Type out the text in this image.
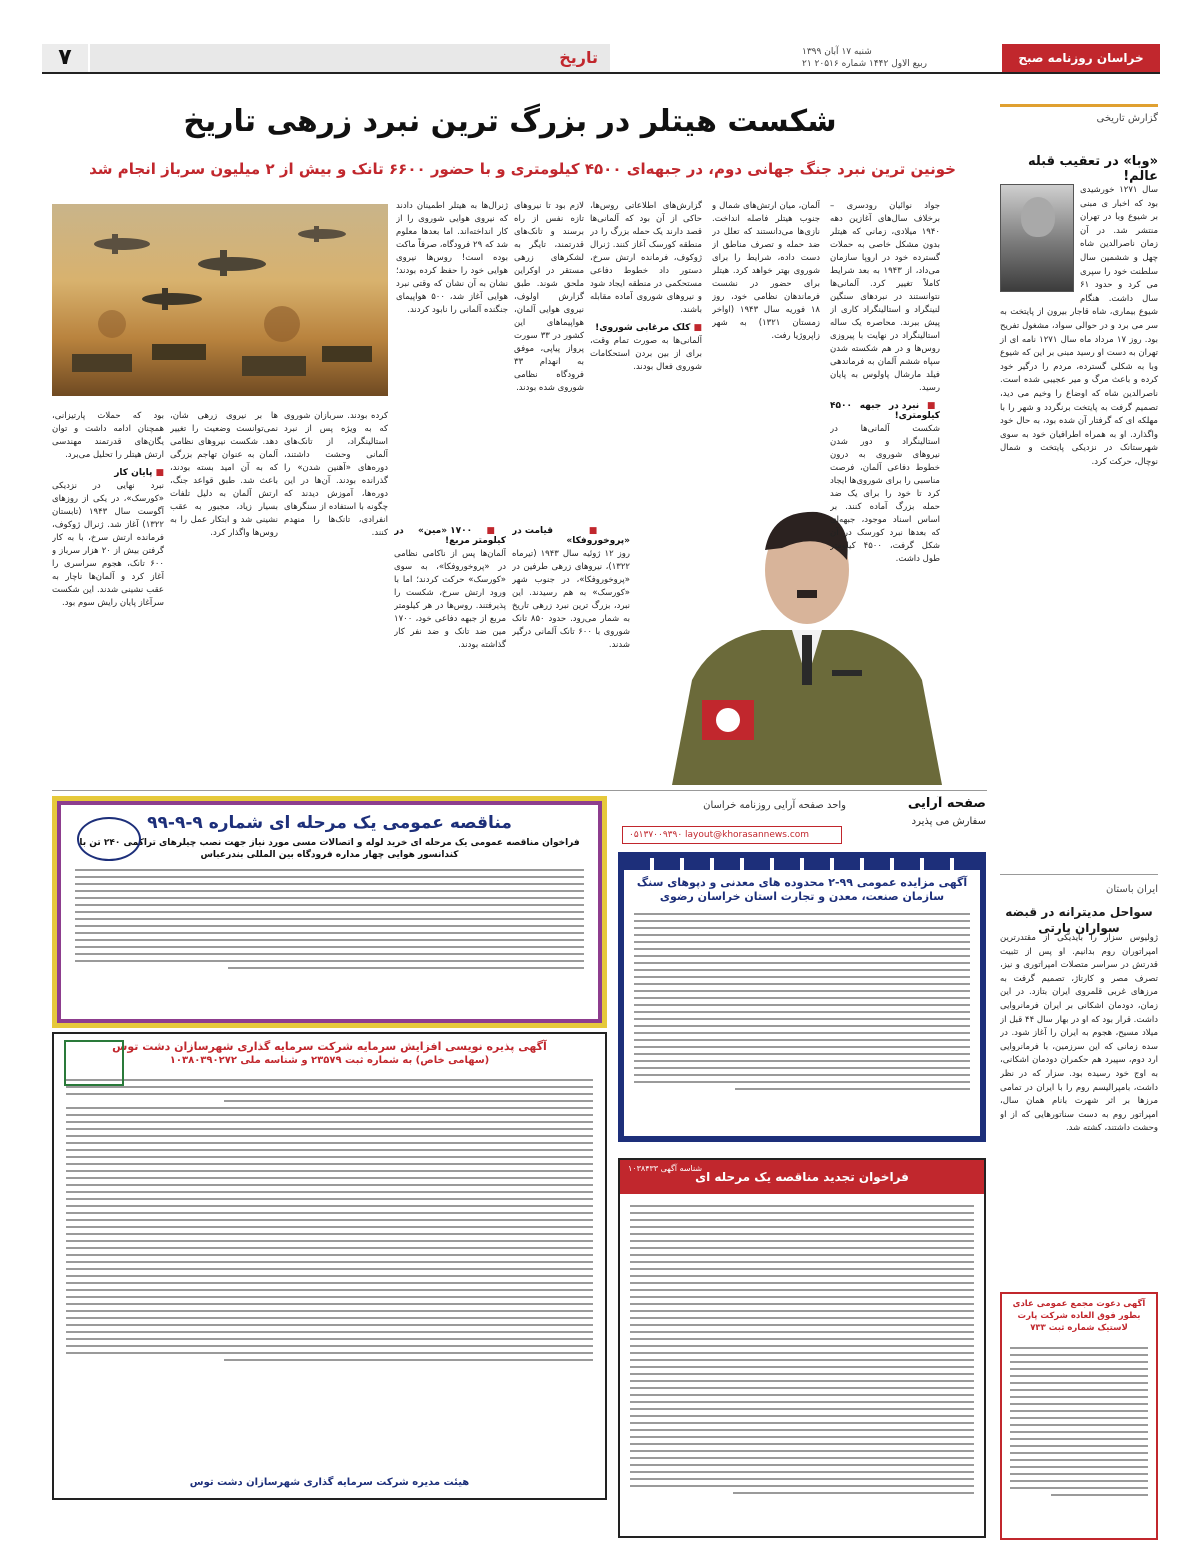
۷	تاریخ	شنبه ۱۷ آبان ۱۳۹۹
۲۱ ربیع الاول ۱۴۴۲ شماره ۲۰۵۱۶	خراسان روزنامه صبح ایران
گزارش تاریخی
«وبا» در تعقیب قبله عالم!
سال ۱۲۷۱ خورشیدی بود که اخبار ی مبنی بر شیوع وبا در تهران منتشر شد. در آن زمان ناصرالدین شاه چهل و ششمین سال سلطنت خود را سپری می کرد و حدود ۶۱ سال داشت. هنگام شیوع بیماری، شاه قاجار بیرون از پایتخت به سر می برد و در حوالی سواد، مشغول تفریح بود. روز ۱۷ مرداد ماه سال ۱۲۷۱ نامه ای از تهران به دست او رسید مبنی بر این که شیوع وبا به شکلی گسترده، مردم را درگیر خود کرده و باعث مرگ و میر عجیبی شده است. ناصرالدین شاه که اوضاع را وخیم می دید، تصمیم گرفت به پایتخت برنگردد و شهر را با مهلکه ای که گرفتار آن شده بود، به حال خود واگذارد. او به همراه اطرافیان خود به سوی شهرستانک در نزدیکی پایتخت و شمال نوچال، حرکت کرد.
ایران باستان
سواحل مدیترانه در قبضه سواران پارتی
ژولیوس سزار را بایدیکی از مقتدرترین امپراتوران روم بدانیم. او پس از تثبیت قدرتش در سراسر متصلات امپراتوری و نیز، تصرف مصر و کارتاژ، تصمیم گرفت به مرزهای غربی قلمروی ایران بتازد. در این زمان، دودمان اشکانی بر ایران فرمانروایی داشت. قرار بود که او در بهار سال ۴۴ قبل از میلاد مسیح، هجوم به ایران را آغاز شود. در سده زمانی که این سرزمین، با فرمانروایی ارد دوم، سپیرد هم حکمران دودمان اشکانی، به اوج خود رسیده بود. سزار که در نظر داشت، بامپرالیسم روم را با ایران در تمامی مرزها بر اثر شهرت بانام همان سال، امپراتور روم به دست سناتورهایی که از او وحشت داشتند، کشته شد.
شکست هیتلر در بزرگ ترین نبرد زرهی تاریخ
خونین ترین نبرد جنگ جهانی دوم، در جبهه‌ای ۴۵۰۰ کیلومتری و با حضور ۶۶۰۰ تانک و بیش از ۲ میلیون سرباز انجام شد

جواد نوائیان رودسری – برخلاف سال‌های آغازین دهه ۱۹۴۰ میلادی، زمانی که هیتلر بدون مشکل خاصی به حملات گسترده خود در اروپا سازمان می‌داد، از ۱۹۴۳ به بعد شرایط کاملاً تغییر کرد. آلمانی‌ها نتوانستند در نبردهای سنگین لنینگراد و استالینگراد کاری از پیش ببرند. محاصره یک ساله استالینگراد در نهایت با پیروزی روس‌ها و در هم شکسته شدن سپاه ششم آلمان به فرماندهی فیلد مارشال پاولوس به پایان رسید.

■ نبرد در جبهه ۴۵۰۰ کیلومتری!

شکست آلمانی‌ها در استالینگراد و دور شدن نیروهای شوروی به درون خطوط دفاعی آلمان، فرصت مناسبی را برای شوروی‌ها ایجاد کرد تا خود را برای یک ضد حمله بزرگ آماده کنند. بر اساس اسناد موجود، جبهه‌ای که بعدها نبرد کورسک در آن شکل گرفت، ۴۵۰۰ کیلومتر طول داشت.

آلمان، میان ارتش‌های شمال و جنوب هیتلر فاصله انداخت. نازی‌ها می‌دانستند که تعلل در ضد حمله و تصرف مناطق از دست داده، شرایط را برای شوروی بهتر خواهد کرد. هیتلر برای حضور در نشست فرماندهان نظامی خود، روز ۱۸ فوریه سال ۱۹۴۳ (اواخر زمستان ۱۳۲۱) به شهر زاپروژیا رفت.

گزارش‌های اطلاعاتی روس‌ها، حاکی از آن بود که آلمانی‌ها قصد دارند یک حمله بزرگ را در منطقه کورسک آغاز کنند. ژنرال ژوکوف، فرمانده ارتش سرخ، دستور داد خطوط دفاعی مستحکمی در منطقه ایجاد شود و نیروهای شوروی آماده مقابله باشند.

■ کلک مرغابی شوروی!

آلمانی‌ها به صورت تمام وقت، برای از بین بردن استحکامات شوروی فعال بودند.

لازم بود تا نیروهای تازه نفس از راه برسند و تانک‌های قدرتمند، تایگر به لشکرهای زرهی مستقر در اوکراین ملحق شوند. طبق گزارش اولوف، نیروی هوایی آلمان، هواپیماهای این کشور در ۳۳ سورت پرواز پیاپی، موفق به انهدام ۳۳ فرودگاه نظامی شوروی شده بودند.

ژنرال‌ها به هیتلر اطمینان دادند که نیروی هوایی شوروی را از کار انداخته‌اند. اما بعدها معلوم شد که ۲۹ فرودگاه، صرفاً ماکت بوده است! روس‌ها نیروی هوایی خود را حفظ کرده بودند؛ نشان به آن نشان که وقتی نبرد هوایی آغاز شد، ۵۰۰ هواپیمای جنگنده آلمانی را نابود کردند.

■ قیامت در «پروخوروفکا»

روز ۱۲ ژوئیه سال ۱۹۴۳ (تیرماه ۱۳۲۲)، نیروهای زرهی طرفین در «پروخوروفکا»، در جنوب شهر «کورسک» به هم رسیدند. این نبرد، بزرگ ترین نبرد زرهی تاریخ به شمار می‌رود. حدود ۸۵۰ تانک شوروی با ۶۰۰ تانک آلمانی درگیر شدند.

■ ۱۷۰۰ «مین» در کیلومتر مربع!

آلمان‌ها پس از ناکامی نظامی در «پروخوروفکا»، به سوی «کورسک» حرکت کردند؛ اما با ورود ارتش سرخ، شکست را پذیرفتند. روس‌ها در هر کیلومتر مربع از جبهه دفاعی خود، ۱۷۰۰ مین ضد تانک و ضد نفر کار گذاشته بودند.

کرده بودند. سربازان شوروی که به ویژه پس از نبرد استالینگراد، از تانک‌های آلمانی وحشت داشتند، دوره‌های «آهنین شدن» را گذرانده بودند. آن‌ها در این دوره‌ها، آموزش دیدند که چگونه با استفاده از سنگرهای انفرادی، تانک‌ها را منهدم کنند.

ها بر نیروی زرهی شان، نمی‌توانست وضعیت را تغییر دهد. شکست نیروهای نظامی آلمان به عنوان تهاجم بزرگی که به آن امید بسته بودند، باعث شد. طبق قواعد جنگ، ارتش آلمان به دلیل تلفات بسیار زیاد، مجبور به عقب نشینی شد و ابتکار عمل را به روس‌ها واگذار کرد.

بود که حملات پارتیزانی، همچنان ادامه داشت و توان یگان‌های قدرتمند مهندسی ارتش هیتلر را تحلیل می‌برد.

■ پایان کار

نبرد نهایی در نزدیکی «کورسک»، در یکی از روزهای آگوست سال ۱۹۴۳ (تابستان ۱۳۲۲) آغاز شد. ژنرال ژوکوف، فرمانده ارتش سرخ، با به کار گرفتن بیش از ۲۰ هزار سرباز و ۶۰۰ تانک، هجوم سراسری را آغاز کرد و آلمان‌ها ناچار به عقب نشینی شدند. این شکست سرآغاز پایان رایش سوم بود.

مناقصه عمومی یک مرحله ای شماره ۹-۹-۹۹
فراخوان مناقصه عمومی یک مرحله ای خرید لوله و اتصالات مسی مورد نیاز جهت نصب چیلرهای تراکمی ۲۴۰ تن با کندانسور هوایی چهار مداره فرودگاه بین المللی بندرعباس
آگهی پذیره نویسی افزایش سرمایه شرکت سرمایه گذاری شهرسازان دشت توس
(سهامی خاص) به شماره ثبت ۲۳۵۷۹ و شناسه ملی ۱۰۳۸۰۳۹۰۲۷۲
هیئت مدیره شرکت سرمایه گذاری شهرسازان دشت توس
صفحه آرایی
واحد صفحه آرایی روزنامه خراسان
سفارش می پذیرد
۰۵۱۳۷۰۰۹۳۹۰ layout@khorasannews.com
آگهی مزایده عمومی ۹۹-۲ محدوده های معدنی و دپوهای سنگ سازمان صنعت، معدن و تجارت استان خراسان رضوی
فراخوان تجدید مناقصه یک مرحله ای
شناسه آگهی ۱۰۳۸۴۳۳
آگهی دعوت مجمع عمومی عادی بطور فوق العاده شرکت پارت لاستیک شماره ثبت ۷۳۳
